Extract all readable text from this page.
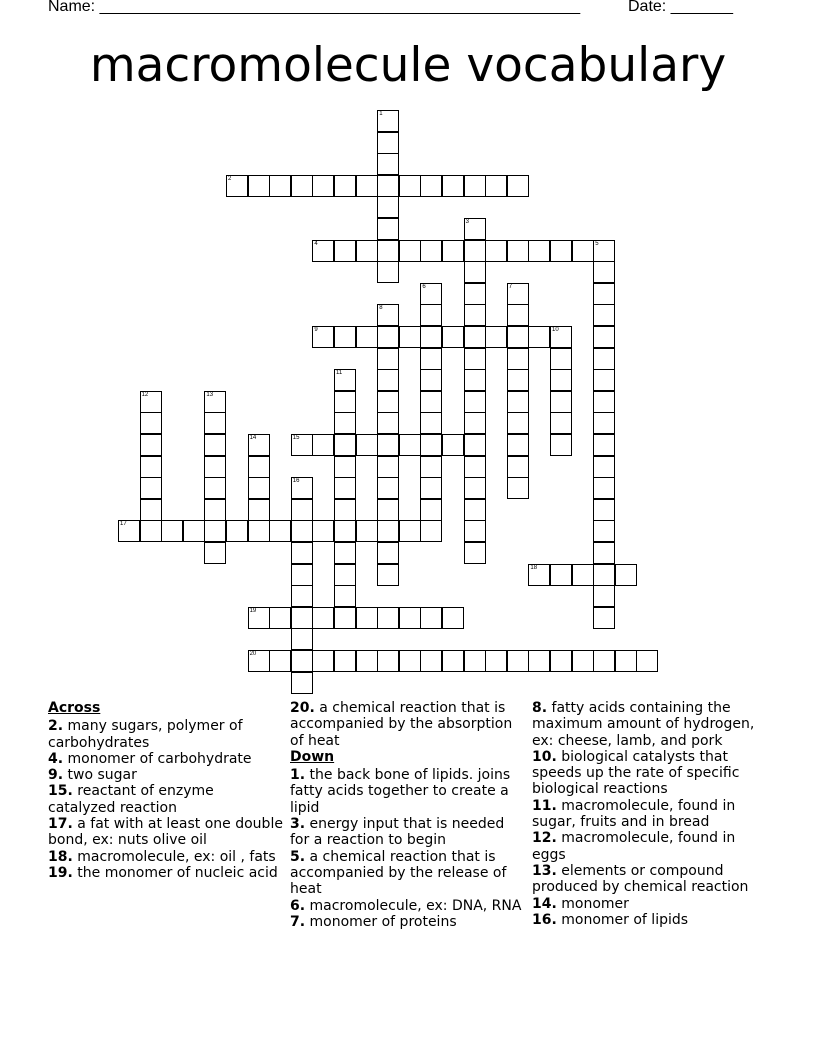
Name: ______________________________________________________	Date: _______
macromolecule vocabulary
1
2
3
4	5
6	7
8
9	10
11
12	13
14	15
16
17
18
19
20
Across
2. many sugars, polymer of carbohydrates
4. monomer of carbohydrate
9. two sugar
15. reactant of enzyme catalyzed reaction
17. a fat with at least one double bond, ex: nuts olive oil
18. macromolecule, ex: oil , fats
19. the monomer of nucleic acid
20. a chemical reaction that is accompanied by the absorption of heat
Down
1. the back bone of lipids. joins fatty acids together to create a lipid
3. energy input that is needed for a reaction to begin
5. a chemical reaction that is accompanied by the release of heat
6. macromolecule, ex: DNA, RNA
7. monomer of proteins
8. fatty acids containing the maximum amount of hydrogen, ex: cheese, lamb, and pork
10. biological catalysts that speeds up the rate of specific biological reactions
11. macromolecule, found in sugar, fruits and in bread
12. macromolecule, found in eggs
13. elements or compound produced by chemical reaction
14. monomer
16. monomer of lipids
